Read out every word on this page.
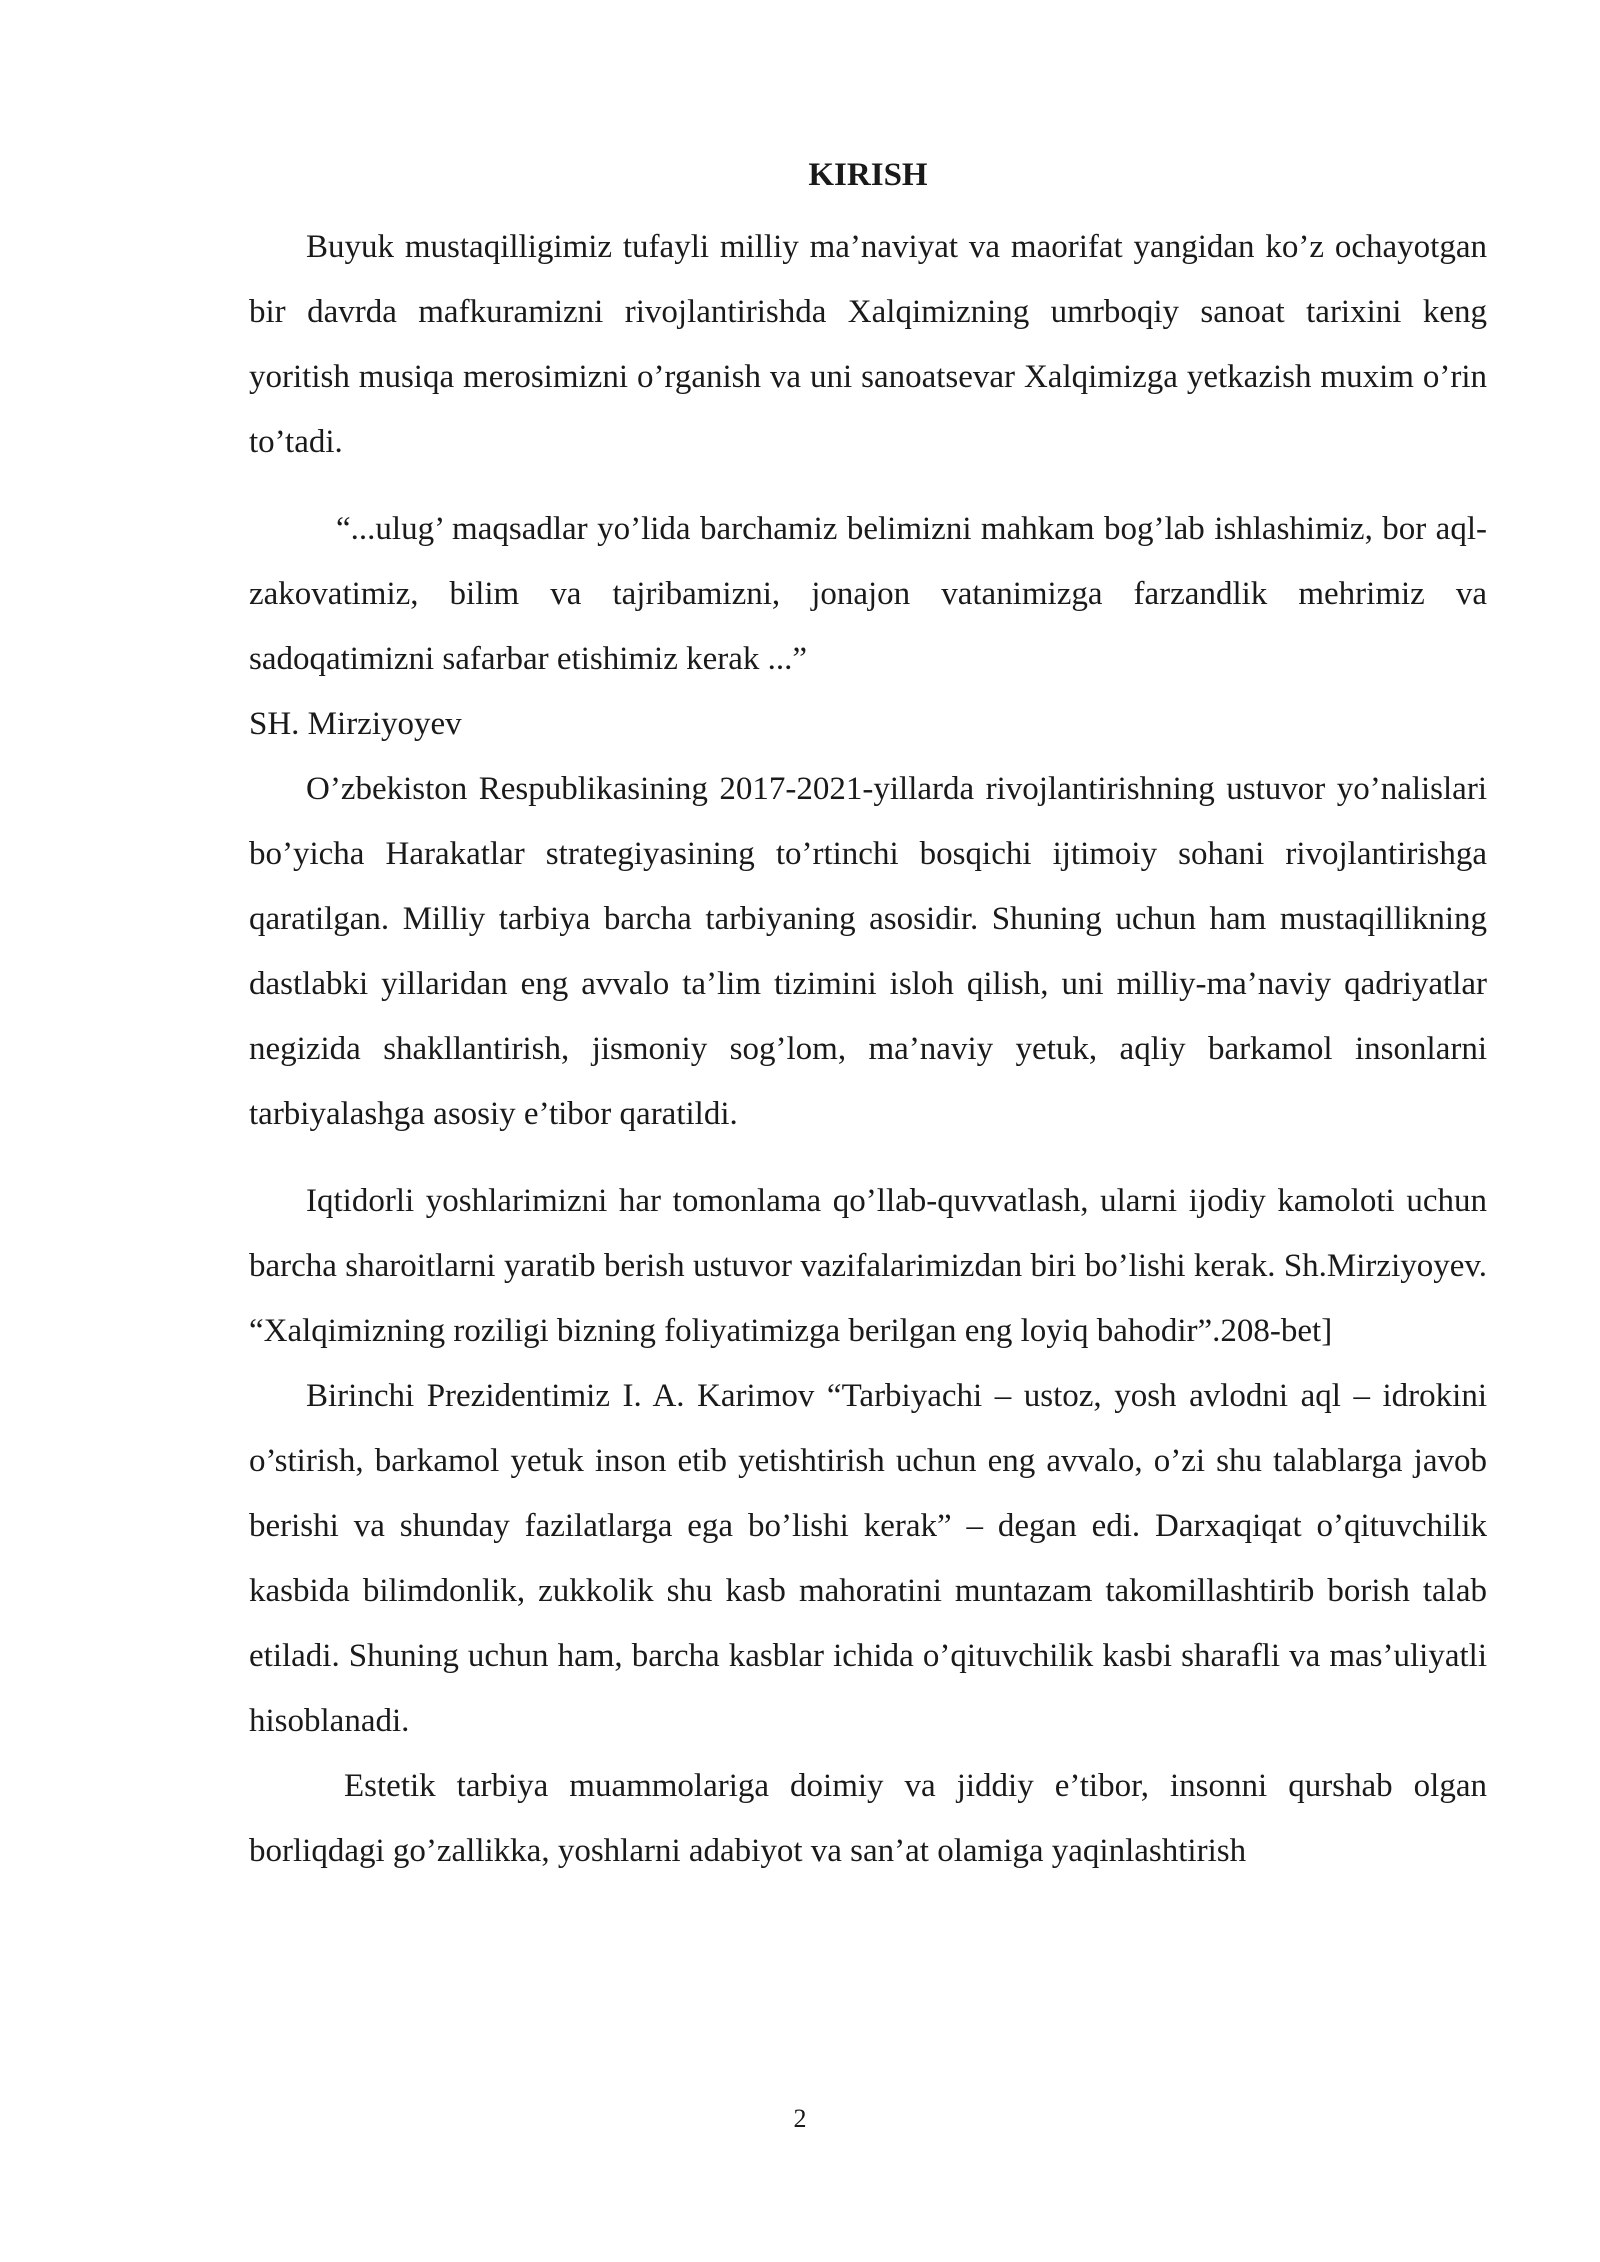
KIRISH

Buyuk mustaqilligimiz tufayli milliy ma’naviyat va maorifat yangidan ko’z ochayotgan bir davrda mafkuramizni rivojlantirishda Xalqimizning umrboqiy sanoat tarixini keng yoritish musiqa merosimizni o’rganish va uni sanoatsevar Xalqimizga yetkazish muxim o’rin to’tadi.

“...ulug’ maqsadlar yo’lida barchamiz belimizni mahkam bog’lab ishlashimiz, bor aql-zakovatimiz, bilim va tajribamizni, jonajon vatanimizga farzandlik mehrimiz va sadoqatimizni safarbar etishimiz kerak ...”

SH. Mirziyoyev

O’zbekiston Respublikasining 2017-2021-yillarda rivojlantirishning ustuvor yo’nalislari bo’yicha Harakatlar strategiyasining to’rtinchi bosqichi ijtimoiy sohani rivojlantirishga qaratilgan. Milliy tarbiya barcha tarbiyaning asosidir. Shuning uchun ham mustaqillikning dastlabki yillaridan eng avvalo ta’lim tizimini isloh qilish, uni milliy-ma’naviy qadriyatlar negizida shakllantirish, jismoniy sog’lom, ma’naviy yetuk, aqliy barkamol insonlarni tarbiyalashga asosiy e’tibor qaratildi.

Iqtidorli yoshlarimizni har tomonlama qo’llab-quvvatlash, ularni ijodiy kamoloti uchun barcha sharoitlarni yaratib berish ustuvor vazifalarimizdan biri bo’lishi kerak. Sh.Mirziyoyev. “Xalqimizning roziligi bizning foliyatimizga berilgan eng loyiq bahodir”.208-bet]

Birinchi Prezidentimiz I. A. Karimov “Tarbiyachi – ustoz, yosh avlodni aql – idrokini o’stirish, barkamol yetuk inson etib yetishtirish uchun eng avvalo, o’zi shu talablarga javob berishi va shunday fazilatlarga ega bo’lishi kerak” – degan edi. Darxaqiqat o’qituvchilik kasbida bilimdonlik, zukkolik shu kasb mahoratini muntazam takomillashtirib borish talab etiladi. Shuning uchun ham, barcha kasblar ichida o’qituvchilik kasbi sharafli va mas’uliyatli hisoblanadi.

Estetik tarbiya muammolariga doimiy va jiddiy e’tibor, insonni qurshab olgan borliqdagi go’zallikka, yoshlarni adabiyot va san’at olamiga yaqinlashtirish

2
